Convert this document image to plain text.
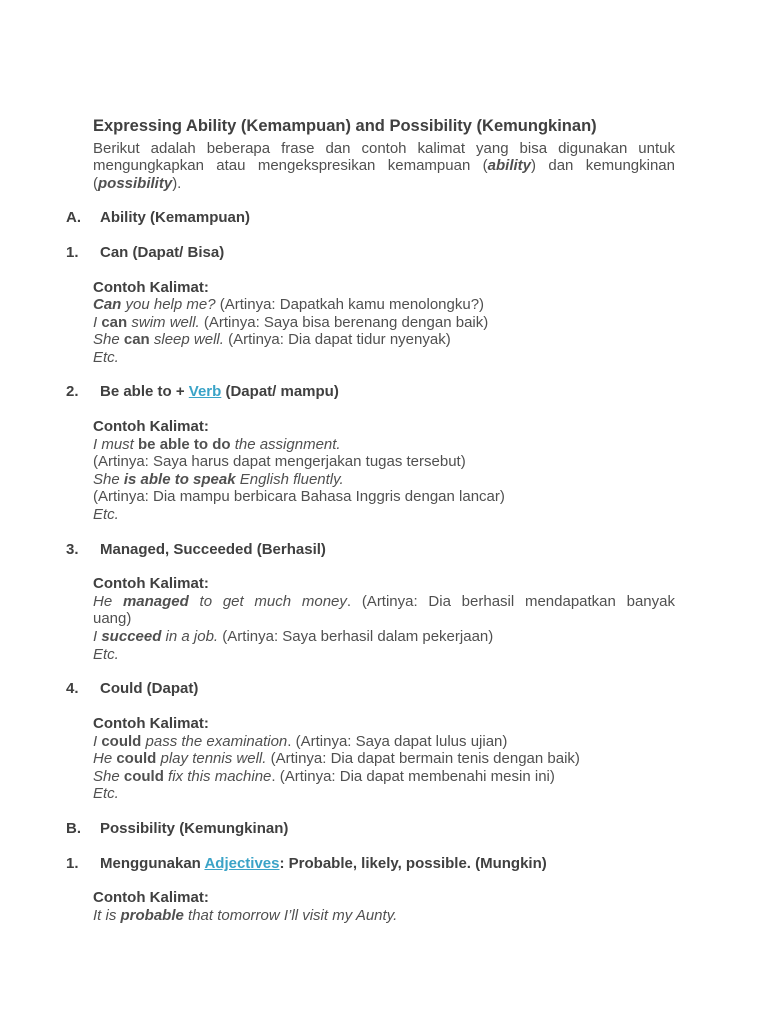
Expressing Ability (Kemampuan) and Possibility (Kemungkinan)
Berikut adalah beberapa frase dan contoh kalimat yang bisa digunakan untuk
mengungkapkan atau mengekspresikan kemampuan (ability) dan kemungkinan
(possibility).
A. Ability (Kemampuan)
1. Can (Dapat/ Bisa)
Contoh Kalimat:
Can you help me? (Artinya: Dapatkah kamu menolongku?)
I can swim well. (Artinya: Saya bisa berenang dengan baik)
She can sleep well. (Artinya: Dia dapat tidur nyenyak)
Etc.
2. Be able to + Verb (Dapat/ mampu)
Contoh Kalimat:
I must be able to do the assignment.
(Artinya: Saya harus dapat mengerjakan tugas tersebut)
She is able to speak English fluently.
(Artinya: Dia mampu berbicara Bahasa Inggris dengan lancar)
Etc.
3. Managed, Succeeded (Berhasil)
Contoh Kalimat:
He managed to get much money. (Artinya: Dia berhasil mendapatkan banyak
uang)
I succeed in a job. (Artinya: Saya berhasil dalam pekerjaan)
Etc.
4. Could (Dapat)
Contoh Kalimat:
I could pass the examination. (Artinya: Saya dapat lulus ujian)
He could play tennis well. (Artinya: Dia dapat bermain tenis dengan baik)
She could fix this machine. (Artinya: Dia dapat membenahi mesin ini)
Etc.
B. Possibility (Kemungkinan)
1. Menggunakan Adjectives: Probable, likely, possible. (Mungkin)
Contoh Kalimat:
It is probable that tomorrow I’ll visit my Aunty.
